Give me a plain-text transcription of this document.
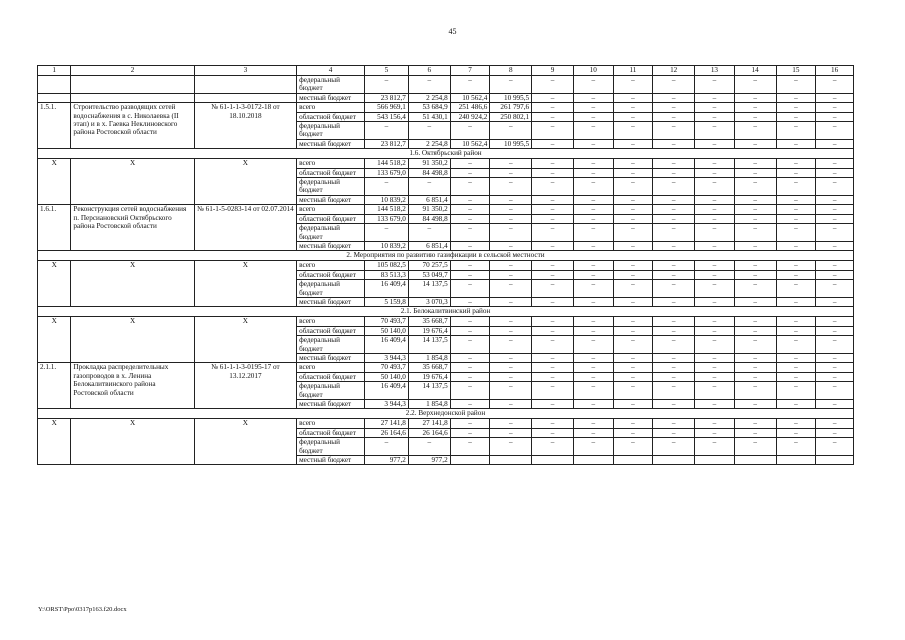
45
1	2	3	4	5	6	7	8	9	10	11	12	13	14	15	16
			федеральный бюджет	–	–	–	–	–	–	–	–	–	–	–	–
			местный бюджет	23 812,7	2 254,8	10 562,4	10 995,5	–	–	–	–	–	–	–	–
1.5.1.	Строительство разводящих сетей водоснабжения в с. Николаевка (II этап) и в х. Гаевка Неклиновского района Ростовской области	№ 61-1-1-3-0172-18 от 18.10.2018	всего	566 969,1	53 684,9	251 486,6	261 797,6	–	–	–	–	–	–	–	–
			областной бюджет	543 156,4	51 430,1	240 924,2	250 802,1	–	–	–	–	–	–	–	–
			федеральный бюджет	–	–	–	–	–	–	–	–	–	–	–	–
			местный бюджет	23 812,7	2 254,8	10 562,4	10 995,5	–	–	–	–	–	–	–	–
1.6. Октябрьский район															
Х	Х	Х	всего	144 518,2	91 350,2	–	–	–	–	–	–	–	–	–	–
			областной бюджет	133 679,0	84 498,8	–	–	–	–	–	–	–	–	–	–
			федеральный бюджет	–	–	–	–	–	–	–	–	–	–	–	–
			местный бюджет	10 839,2	6 851,4	–	–	–	–	–	–	–	–	–	–
1.6.1.	Реконструкция сетей водоснабжения п. Персиановский Октябрьского района Ростовской области	№ 61-1-5-0283-14 от 02.07.2014	всего	144 518,2	91 350,2	–	–	–	–	–	–	–	–	–	–
			областной бюджет	133 679,0	84 498,8	–	–	–	–	–	–	–	–	–	–
			федеральный бюджет	–	–	–	–	–	–	–	–	–	–	–	–
			местный бюджет	10 839,2	6 851,4	–	–	–	–	–	–	–	–	–	–
2. Мероприятия по развитию газификации в сельской местности															
Х	Х	Х	всего	105 082,5	70 257,5	–	–	–	–	–	–	–	–	–	–
			областной бюджет	83 513,3	53 049,7	–	–	–	–	–	–	–	–	–	–
			федеральный бюджет	16 409,4	14 137,5	–	–	–	–	–	–	–	–	–	–
			местный бюджет	5 159,8	3 070,3	–	–	–	–	–	–	–	–	–	–
2.1. Белокалитвинский район															
Х	Х	Х	всего	70 493,7	35 668,7	–	–	–	–	–	–	–	–	–	–
			областной бюджет	50 140,0	19 676,4	–	–	–	–	–	–	–	–	–	–
			федеральный бюджет	16 409,4	14 137,5	–	–	–	–	–	–	–	–	–	–
			местный бюджет	3 944,3	1 854,8	–	–	–	–	–	–	–	–	–	–
2.1.1.	Прокладка распределительных газопроводов в х. Ленина Белокалитвинского района Ростовской области	№ 61-1-1-3-0195-17 от 13.12.2017	всего	70 493,7	35 668,7	–	–	–	–	–	–	–	–	–	–
			областной бюджет	50 140,0	19 676,4	–	–	–	–	–	–	–	–	–	–
			федеральный бюджет	16 409,4	14 137,5	–	–	–	–	–	–	–	–	–	–
			местный бюджет	3 944,3	1 854,8	–	–	–	–	–	–	–	–	–	–
2.2. Верхнедонской район															
Х	Х	Х	всего	27 141,8	27 141,8	–	–	–	–	–	–	–	–	–	–
			областной бюджет	26 164,6	26 164,6	–	–	–	–	–	–	–	–	–	–
			федеральный бюджет	–	–	–	–	–	–	–	–	–	–	–	–
			местный бюджет	977,2	977,2										
Y:\ORST\Ppo\0317p163.f20.docx
